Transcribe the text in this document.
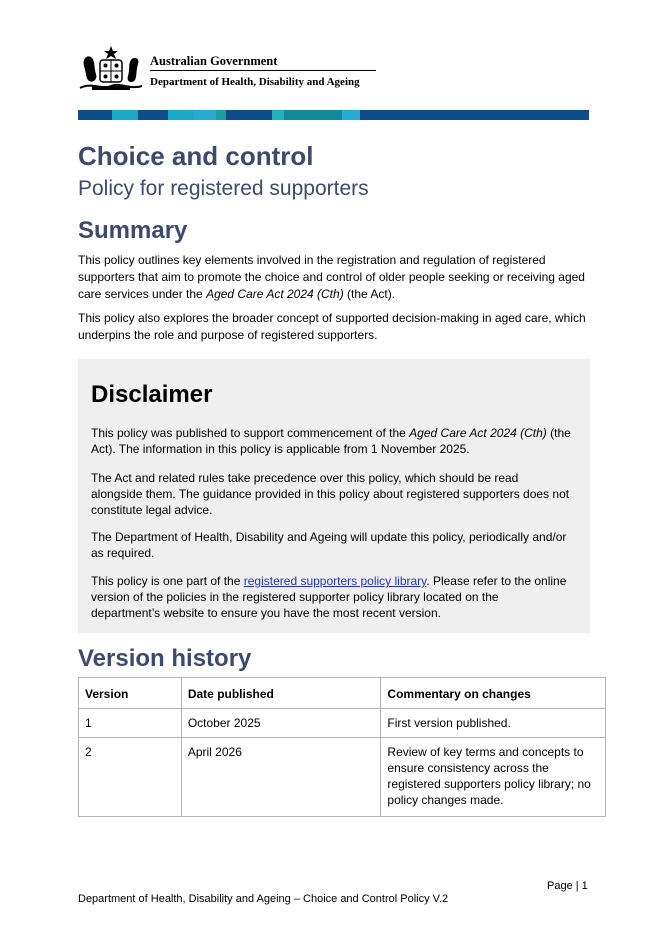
Australian Government
Department of Health, Disability and Ageing
Choice and control
Policy for registered supporters
Summary
This policy outlines key elements involved in the registration and regulation of registered supporters that aim to promote the choice and control of older people seeking or receiving aged care services under the Aged Care Act 2024 (Cth) (the Act).
This policy also explores the broader concept of supported decision-making in aged care, which underpins the role and purpose of registered supporters.
Disclaimer
This policy was published to support commencement of the Aged Care Act 2024 (Cth) (the Act). The information in this policy is applicable from 1 November 2025.
The Act and related rules take precedence over this policy, which should be read alongside them. The guidance provided in this policy about registered supporters does not constitute legal advice.
The Department of Health, Disability and Ageing will update this policy, periodically and/or as required.
This policy is one part of the registered supporters policy library. Please refer to the online version of the policies in the registered supporter policy library located on the department’s website to ensure you have the most recent version.
Version history
Version	Date published	Commentary on changes
1	October 2025	First version published.
2	April 2026	Review of key terms and concepts to ensure consistency across the registered supporters policy library; no policy changes made.
Page | 1
Department of Health, Disability and Ageing – Choice and Control Policy V.2
